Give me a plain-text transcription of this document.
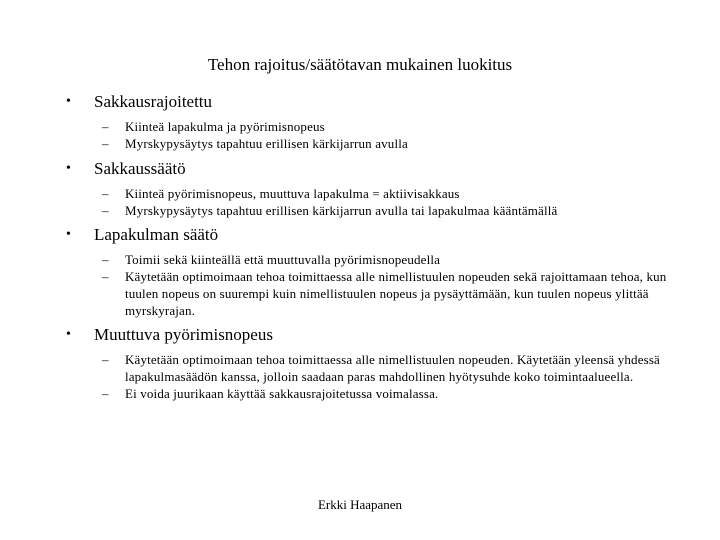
Tehon rajoitus/säätötavan mukainen luokitus
• Sakkausrajoitettu
– Kiinteä lapakulma ja pyörimisnopeus
– Myrskypysäytys tapahtuu erillisen kärkijarrun avulla
• Sakkaussäätö
– Kiinteä pyörimisnopeus, muuttuva lapakulma = aktiivisakkaus
– Myrskypysäytys tapahtuu erillisen kärkijarrun avulla tai lapakulmaa kääntämällä
• Lapakulman säätö
– Toimii sekä kiinteällä että muuttuvalla pyörimisnopeudella
– Käytetään optimoimaan tehoa toimittaessa alle nimellistuulen nopeuden sekä rajoittamaan tehoa, kun tuulen nopeus on suurempi kuin nimellistuulen nopeus ja pysäyttämään, kun tuulen nopeus ylittää myrskyrajan.
• Muuttuva pyörimisnopeus
– Käytetään optimoimaan tehoa toimittaessa alle nimellistuulen nopeuden. Käytetään yleensä yhdessä lapakulmasäädön kanssa, jolloin saadaan paras mahdollinen hyötysuhde koko toimintaalueella.
– Ei voida juurikaan käyttää sakkausrajoitetussa voimalassa.
Erkki Haapanen
